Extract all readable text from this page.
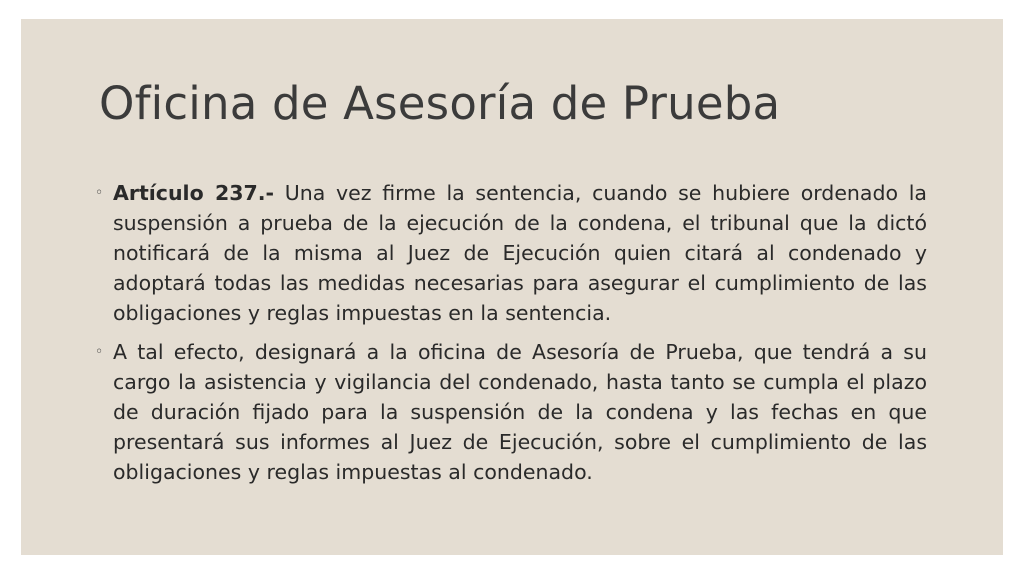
Oficina de Asesoría de Prueba
◦ Artículo 237.- Una vez firme la sentencia, cuando se hubiere ordenado la suspensión a prueba de la ejecución de la condena, el tribunal que la dictó notificará de la misma al Juez de Ejecución quien citará al condenado y adoptará todas las medidas necesarias para asegurar el cumplimiento de las obligaciones y reglas impuestas en la sentencia.
◦ A tal efecto, designará a la oficina de Asesoría de Prueba, que tendrá a su cargo la asistencia y vigilancia del condenado, hasta tanto se cumpla el plazo de duración fijado para la suspensión de la condena y las fechas en que presentará sus informes al Juez de Ejecución, sobre el cumplimiento de las obligaciones y reglas impuestas al condenado.
